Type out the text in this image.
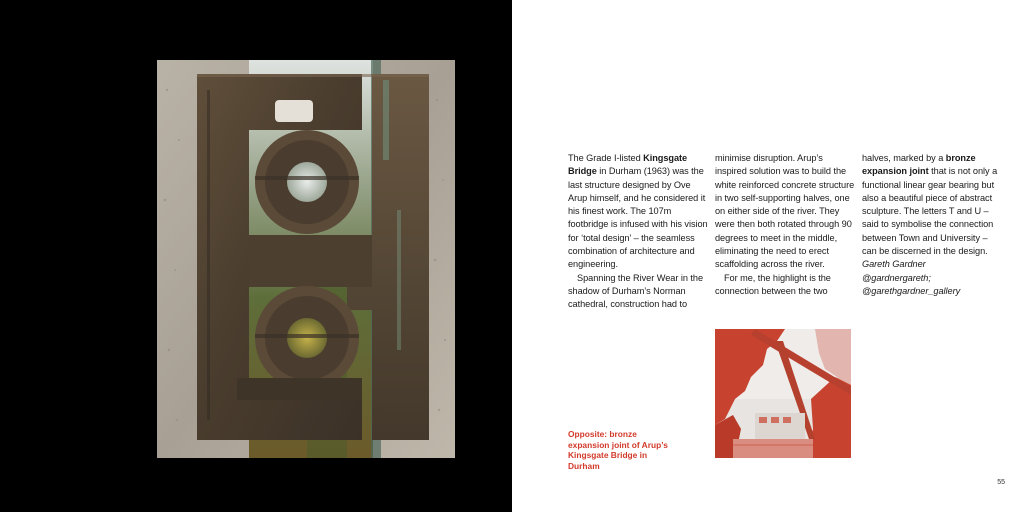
The Grade I-listed Kingsgate Bridge in Durham (1963) was the last structure designed by Ove Arup himself, and he considered it his finest work. The 107m footbridge is infused with his vision for ‘total design’ – the seamless combination of architecture and engineering.

Spanning the River Wear in the shadow of Durham’s Norman cathedral, construction had to

minimise disruption. Arup’s inspired solution was to build the white reinforced concrete structure in two self-supporting halves, one on either side of the river. They were then both rotated through 90 degrees to meet in the middle, eliminating the need to erect scaffolding across the river.

For me, the highlight is the connection between the two

halves, marked by a bronze expansion joint that is not only a functional linear gear bearing but also a beautiful piece of abstract sculpture. The letters T and U – said to symbolise the connection between Town and University – can be discerned in the design.

Gareth Gardner

@gardnergareth; @garethgardner_gallery

Opposite: bronze expansion joint of Arup’s Kingsgate Bridge in Durham
55
